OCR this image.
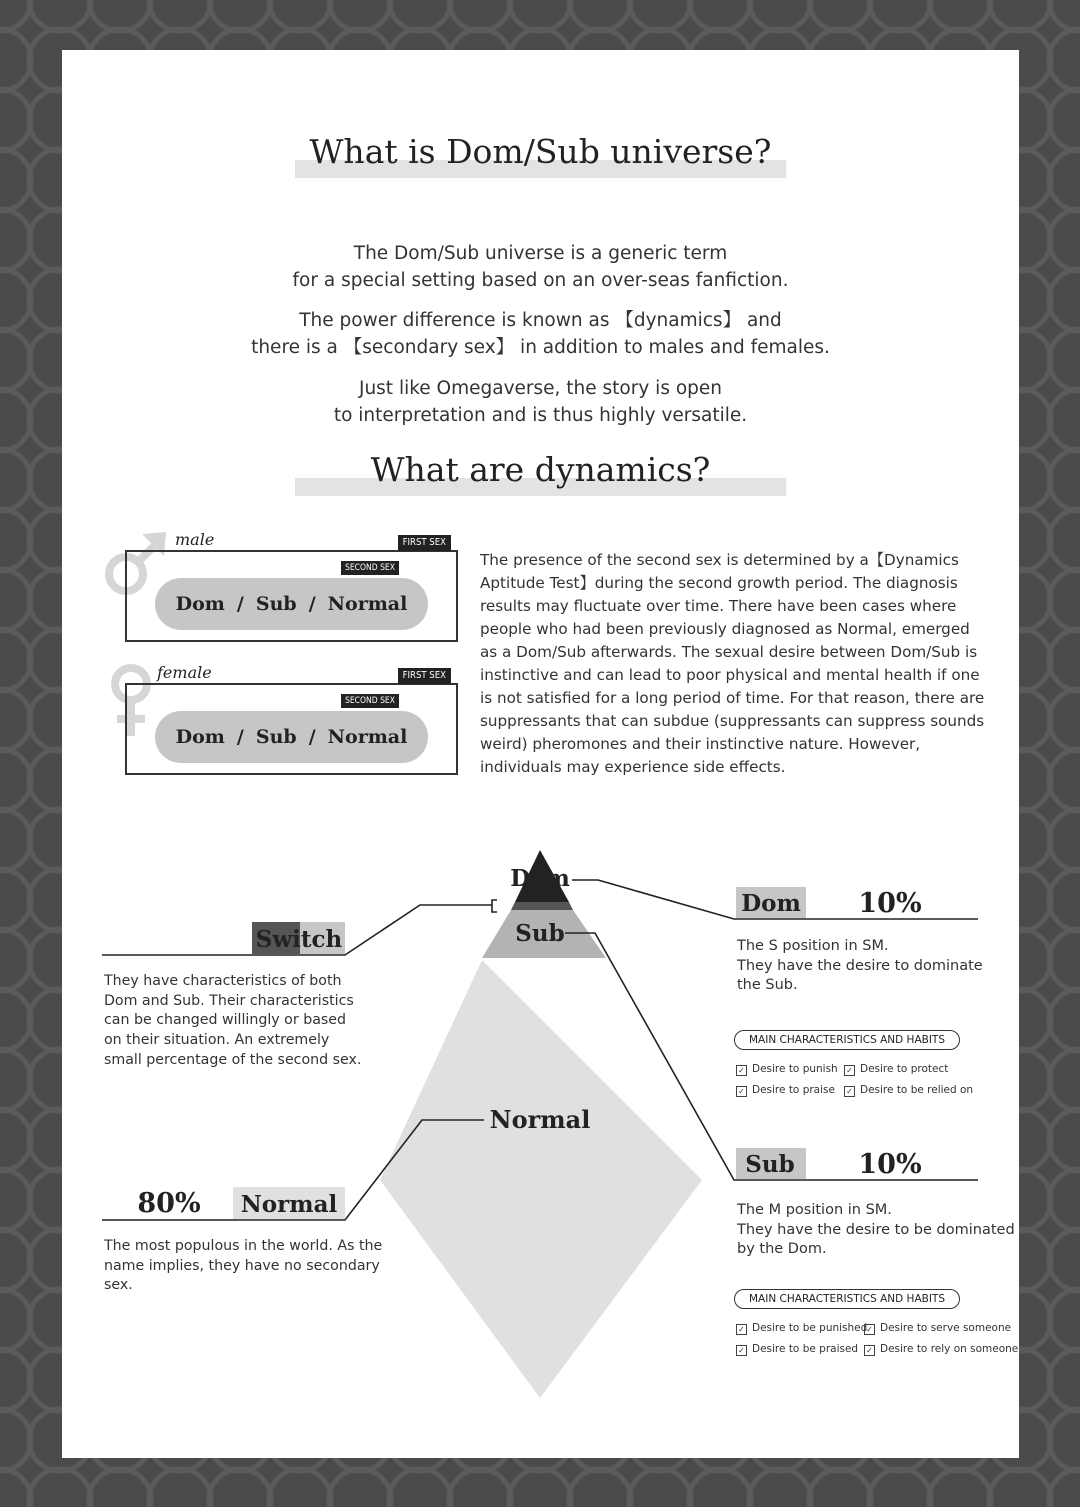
What is Dom/Sub universe?

The Dom/Sub universe is a generic term
for a special setting based on an over-seas fanfiction.

The power difference is known as 【dynamics】 and
there is a 【secondary sex】 in addition to males and females.

Just like Omegaverse, the story is open
to interpretation and is thus highly versatile.

What are dynamics?
male	FIRST SEX
SECOND SEX
Dom / Sub / Normal
female	FIRST SEX
SECOND SEX
Dom / Sub / Normal

The presence of the second sex is determined by a【Dynamics Aptitude Test】during the second growth period. The diagnosis results may fluctuate over time. There have been cases where people who had been previously diagnosed as Normal, emerged as a Dom/Sub afterwards. The sexual desire between Dom/Sub is instinctive and can lead to poor physical and mental health if one is not satisfied for a long period of time. For that reason, there are suppressants that can subdue (suppressants can suppress sounds weird) pheromones and their instinctive nature. However, individuals may experience side effects.

Dom
Sub
Normal
Switch
Normal
80%
Dom 10%
Sub 10%

They have characteristics of both
Dom and Sub. Their characteristics
can be changed willingly or based
on their situation. An extremely
small percentage of the second sex.

The most populous in the world. As the
name implies, they have no secondary
sex.

The S position in SM.
They have the desire to dominate
the Sub.

MAIN CHARACTERISTICS AND HABITS
✓ Desire to punish ✓ Desire to protect
✓ Desire to praise ✓ Desire to be relied on

The M position in SM.
They have the desire to be dominated
by the Dom.

MAIN CHARACTERISTICS AND HABITS
✓ Desire to be punished
✓ Desire to serve someone
✓ Desire to be praised ✓ Desire to rely on someone
